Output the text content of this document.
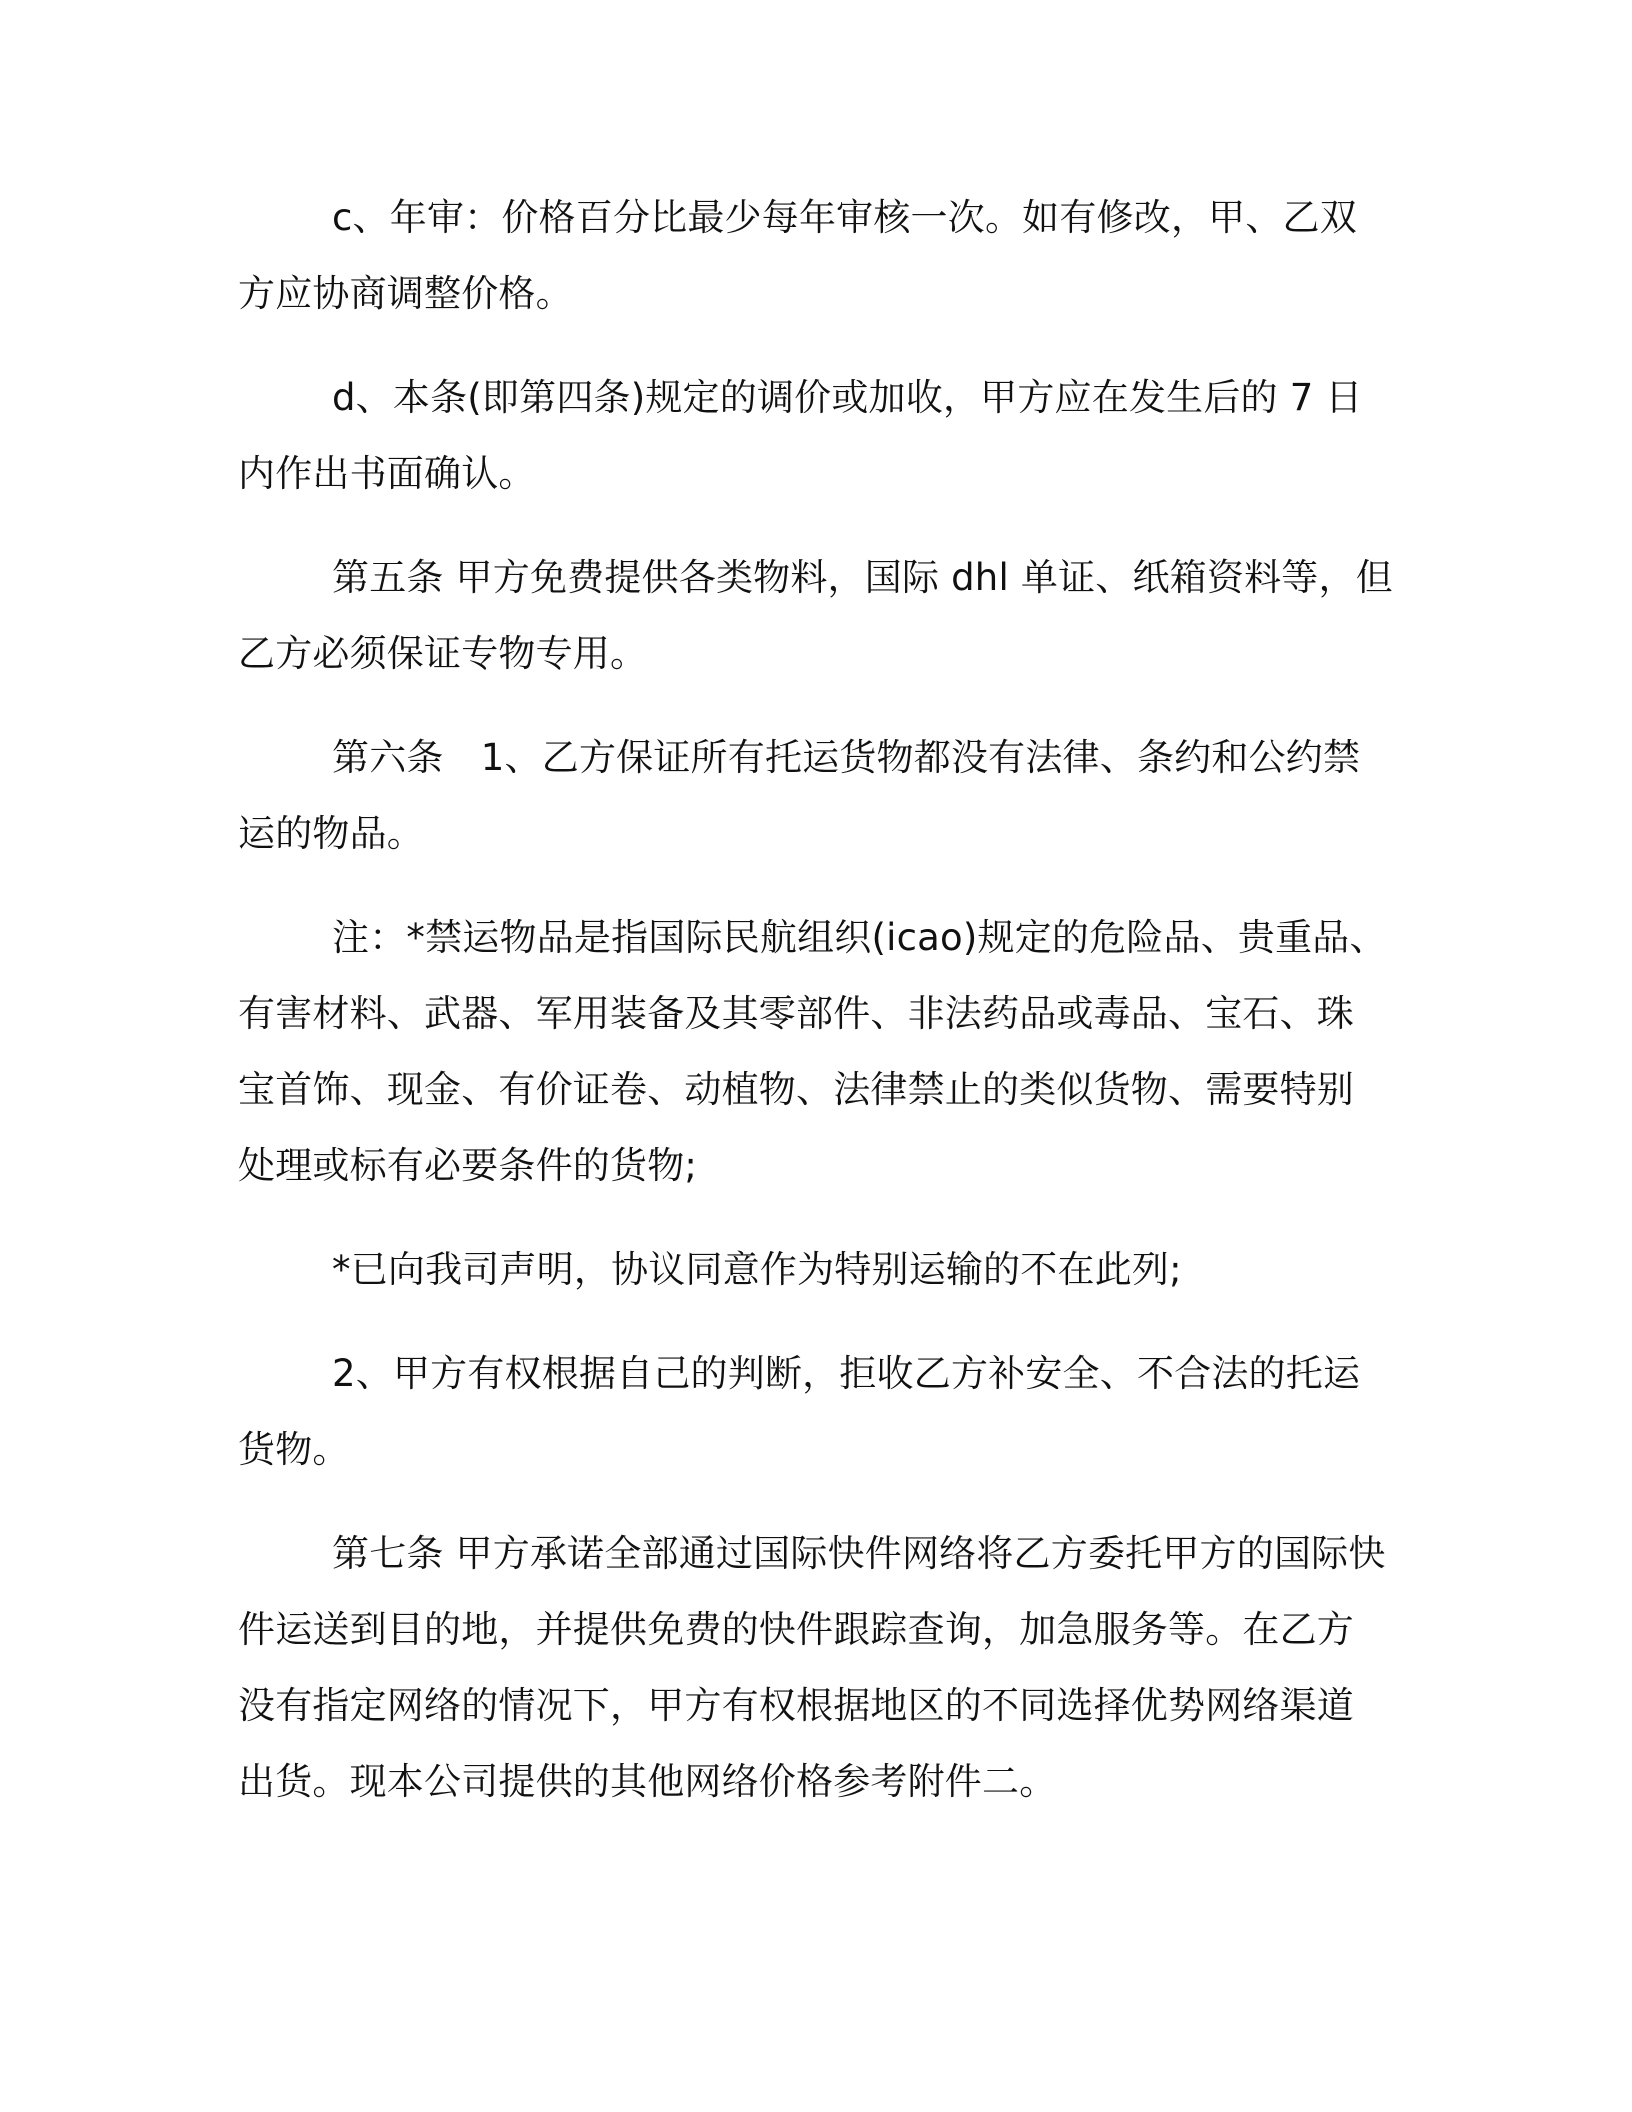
c、年审：价格百分比最少每年审核一次。如有修改，甲、乙双

方应协商调整价格。

d、本条(即第四条)规定的调价或加收，甲方应在发生后的 7 日

内作出书面确认。

第五条 甲方免费提供各类物料，国际 dhl 单证、纸箱资料等，但

乙方必须保证专物专用。

第六条　1、乙方保证所有托运货物都没有法律、条约和公约禁

运的物品。

注：*禁运物品是指国际民航组织(icao)规定的危险品、贵重品、

有害材料、武器、军用装备及其零部件、非法药品或毒品、宝石、珠

宝首饰、现金、有价证卷、动植物、法律禁止的类似货物、需要特别

处理或标有必要条件的货物;

*已向我司声明，协议同意作为特别运输的不在此列;

2、甲方有权根据自己的判断，拒收乙方补安全、不合法的托运

货物。

第七条 甲方承诺全部通过国际快件网络将乙方委托甲方的国际快

件运送到目的地，并提供免费的快件跟踪查询，加急服务等。在乙方

没有指定网络的情况下，甲方有权根据地区的不同选择优势网络渠道

出货。现本公司提供的其他网络价格参考附件二。
